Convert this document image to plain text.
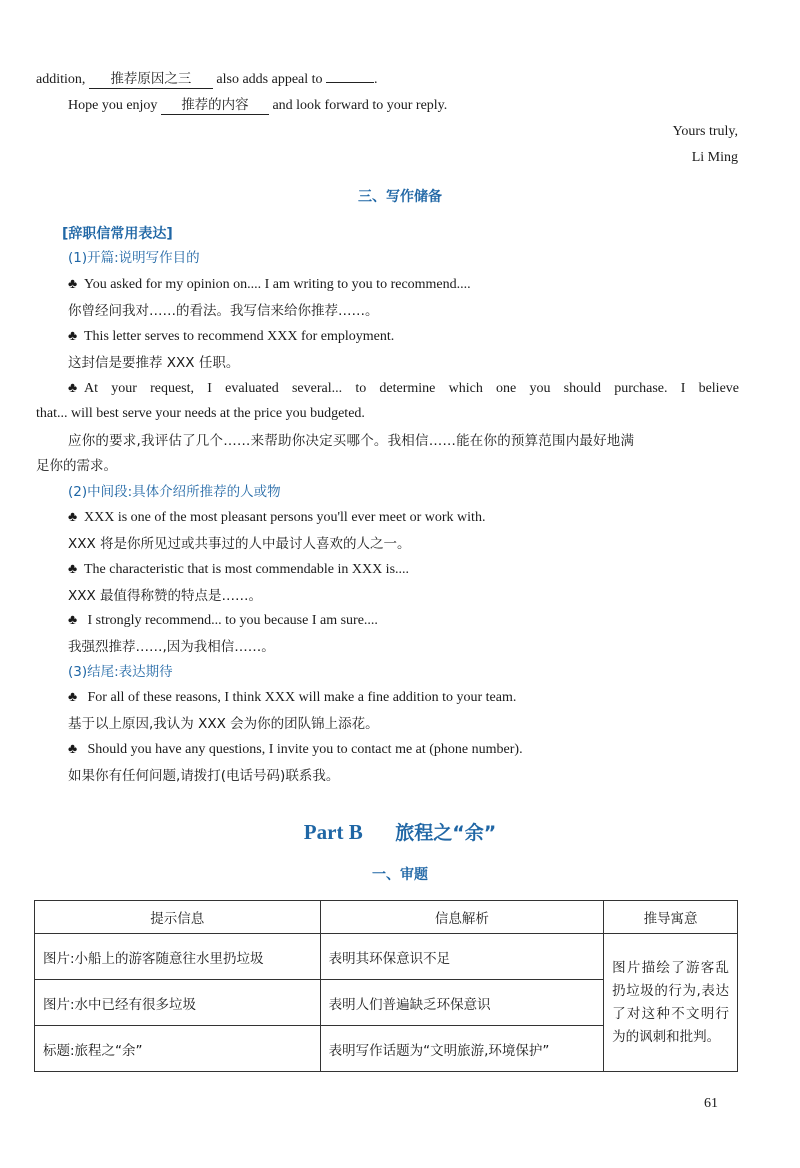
addition, 推荐原因之三 also adds appeal to	.
Hope you enjoy 推荐的内容 and look forward to your reply.
Yours truly,
Li Ming
三、写作储备
[辞职信常用表达]
(1)开篇:说明写作目的
♣ You asked for my opinion on.... I am writing to you to recommend....
你曾经问我对……的看法。我写信来给你推荐……。
♣ This letter serves to recommend XXX for employment.
这封信是要推荐 XXX 任职。
♣ At your request, I evaluated several... to determine which one you should purchase. I believe
that... will best serve your needs at the price you budgeted.
应你的要求,我评估了几个……来帮助你决定买哪个。我相信……能在你的预算范围内最好地满
足你的需求。
(2)中间段:具体介绍所推荐的人或物
♣ XXX is one of the most pleasant persons you'll ever meet or work with.
XXX 将是你所见过或共事过的人中最讨人喜欢的人之一。
♣ The characteristic that is most commendable in XXX is....
XXX 最值得称赞的特点是……。
♣ I strongly recommend... to you because I am sure....
我强烈推荐……,因为我相信……。
(3)结尾:表达期待
♣ For all of these reasons, I think XXX will make a fine addition to your team.
基于以上原因,我认为 XXX 会为你的团队锦上添花。
♣ Should you have any questions, I invite you to contact me at (phone number).
如果你有任何问题,请拨打(电话号码)联系我。
Part B 旅程之“余”
一、审题
提示信息	信息解析	推导寓意
图片:小船上的游客随意往水里扔垃圾	表明其环保意识不足	图片描绘了游客乱扔垃圾的行为,表达了对这种不文明行为的讽刺和批判。
图片:水中已经有很多垃圾	表明人们普遍缺乏环保意识	
标题:旅程之“余”	表明写作话题为“文明旅游,环境保护”	
61
